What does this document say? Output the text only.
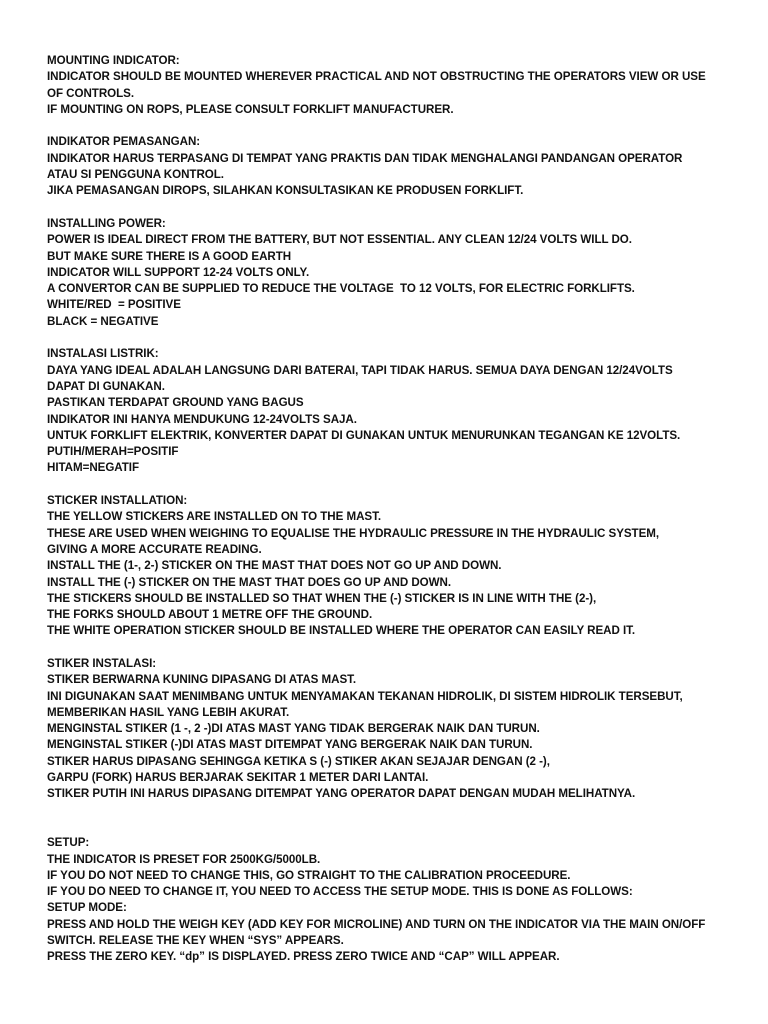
MOUNTING INDICATOR:

INDICATOR SHOULD BE MOUNTED WHEREVER PRACTICAL AND NOT OBSTRUCTING THE OPERATORS VIEW OR USE

OF CONTROLS.

IF MOUNTING ON ROPS, PLEASE CONSULT FORKLIFT MANUFACTURER.

INDIKATOR PEMASANGAN:

INDIKATOR HARUS TERPASANG DI TEMPAT YANG PRAKTIS DAN TIDAK MENGHALANGI PANDANGAN OPERATOR

ATAU SI PENGGUNA KONTROL.

JIKA PEMASANGAN DIROPS, SILAHKAN KONSULTASIKAN KE PRODUSEN FORKLIFT.

INSTALLING POWER:

POWER IS IDEAL DIRECT FROM THE BATTERY, BUT NOT ESSENTIAL. ANY CLEAN 12/24 VOLTS WILL DO.

BUT MAKE SURE THERE IS A GOOD EARTH

INDICATOR WILL SUPPORT 12-24 VOLTS ONLY.

A CONVERTOR CAN BE SUPPLIED TO REDUCE THE VOLTAGE  TO 12 VOLTS, FOR ELECTRIC FORKLIFTS.

WHITE/RED  = POSITIVE

BLACK = NEGATIVE

INSTALASI LISTRIK:

DAYA YANG IDEAL ADALAH LANGSUNG DARI BATERAI, TAPI TIDAK HARUS. SEMUA DAYA DENGAN 12/24VOLTS

DAPAT DI GUNAKAN.

PASTIKAN TERDAPAT GROUND YANG BAGUS

INDIKATOR INI HANYA MENDUKUNG 12-24VOLTS SAJA.

UNTUK FORKLIFT ELEKTRIK, KONVERTER DAPAT DI GUNAKAN UNTUK MENURUNKAN TEGANGAN KE 12VOLTS.

PUTIH/MERAH=POSITIF

HITAM=NEGATIF

STICKER INSTALLATION:

THE YELLOW STICKERS ARE INSTALLED ON TO THE MAST.

THESE ARE USED WHEN WEIGHING TO EQUALISE THE HYDRAULIC PRESSURE IN THE HYDRAULIC SYSTEM,

GIVING A MORE ACCURATE READING.

INSTALL THE (1-, 2-) STICKER ON THE MAST THAT DOES NOT GO UP AND DOWN.

INSTALL THE (-) STICKER ON THE MAST THAT DOES GO UP AND DOWN.

THE STICKERS SHOULD BE INSTALLED SO THAT WHEN THE (-) STICKER IS IN LINE WITH THE (2-),

THE FORKS SHOULD ABOUT 1 METRE OFF THE GROUND.

THE WHITE OPERATION STICKER SHOULD BE INSTALLED WHERE THE OPERATOR CAN EASILY READ IT.

STIKER INSTALASI:

STIKER BERWARNA KUNING DIPASANG DI ATAS MAST.

INI DIGUNAKAN SAAT MENIMBANG UNTUK MENYAMAKAN TEKANAN HIDROLIK, DI SISTEM HIDROLIK TERSEBUT,

MEMBERIKAN HASIL YANG LEBIH AKURAT.

MENGINSTAL STIKER (1 -, 2 -)DI ATAS MAST YANG TIDAK BERGERAK NAIK DAN TURUN.

MENGINSTAL STIKER (-)DI ATAS MAST DITEMPAT YANG BERGERAK NAIK DAN TURUN.

STIKER HARUS DIPASANG SEHINGGA KETIKA S (-) STIKER AKAN SEJAJAR DENGAN (2 -),

GARPU (FORK) HARUS BERJARAK SEKITAR 1 METER DARI LANTAI.

STIKER PUTIH INI HARUS DIPASANG DITEMPAT YANG OPERATOR DAPAT DENGAN MUDAH MELIHATNYA.

SETUP:

THE INDICATOR IS PRESET FOR 2500KG/5000LB.

IF YOU DO NOT NEED TO CHANGE THIS, GO STRAIGHT TO THE CALIBRATION PROCEEDURE.

IF YOU DO NEED TO CHANGE IT, YOU NEED TO ACCESS THE SETUP MODE. THIS IS DONE AS FOLLOWS:

SETUP MODE:

PRESS AND HOLD THE WEIGH KEY (ADD KEY FOR MICROLINE) AND TURN ON THE INDICATOR VIA THE MAIN ON/OFF

SWITCH. RELEASE THE KEY WHEN “SYS” APPEARS.

PRESS THE ZERO KEY. “dp” IS DISPLAYED. PRESS ZERO TWICE AND “CAP” WILL APPEAR.
